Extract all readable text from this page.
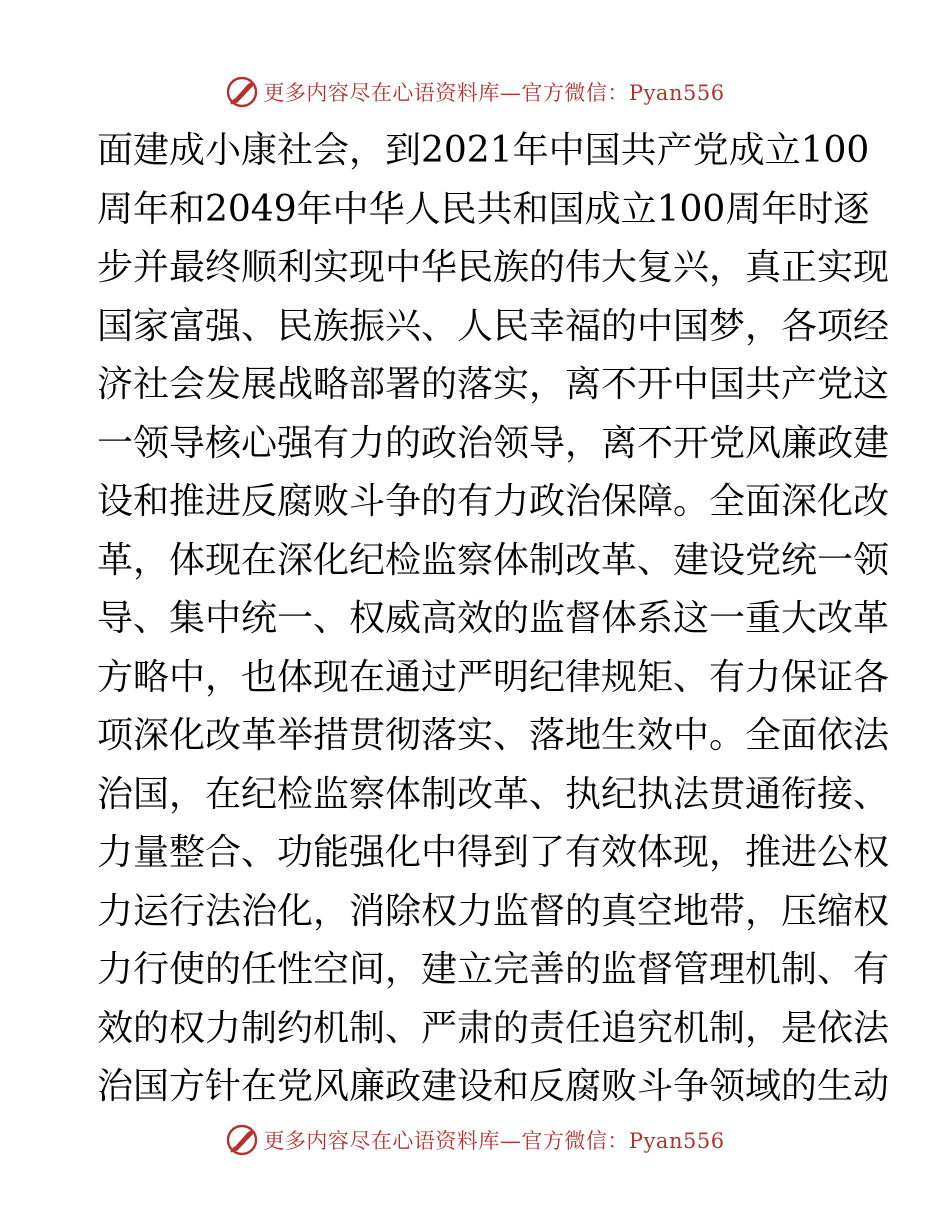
更多内容尽在心语资料库—官方微信：Pyan556
面建成小康社会，到2021年中国共产党成立100
周年和2049年中华人民共和国成立100周年时逐
步并最终顺利实现中华民族的伟大复兴，真正实现
国家富强、民族振兴、人民幸福的中国梦，各项经
济社会发展战略部署的落实，离不开中国共产党这
一领导核心强有力的政治领导，离不开党风廉政建
设和推进反腐败斗争的有力政治保障。全面深化改
革，体现在深化纪检监察体制改革、建设党统一领
导、集中统一、权威高效的监督体系这一重大改革
方略中，也体现在通过严明纪律规矩、有力保证各
项深化改革举措贯彻落实、落地生效中。全面依法
治国，在纪检监察体制改革、执纪执法贯通衔接、
力量整合、功能强化中得到了有效体现，推进公权
力运行法治化，消除权力监督的真空地带，压缩权
力行使的任性空间，建立完善的监督管理机制、有
效的权力制约机制、严肃的责任追究机制，是依法
治国方针在党风廉政建设和反腐败斗争领域的生动
更多内容尽在心语资料库—官方微信：Pyan556
